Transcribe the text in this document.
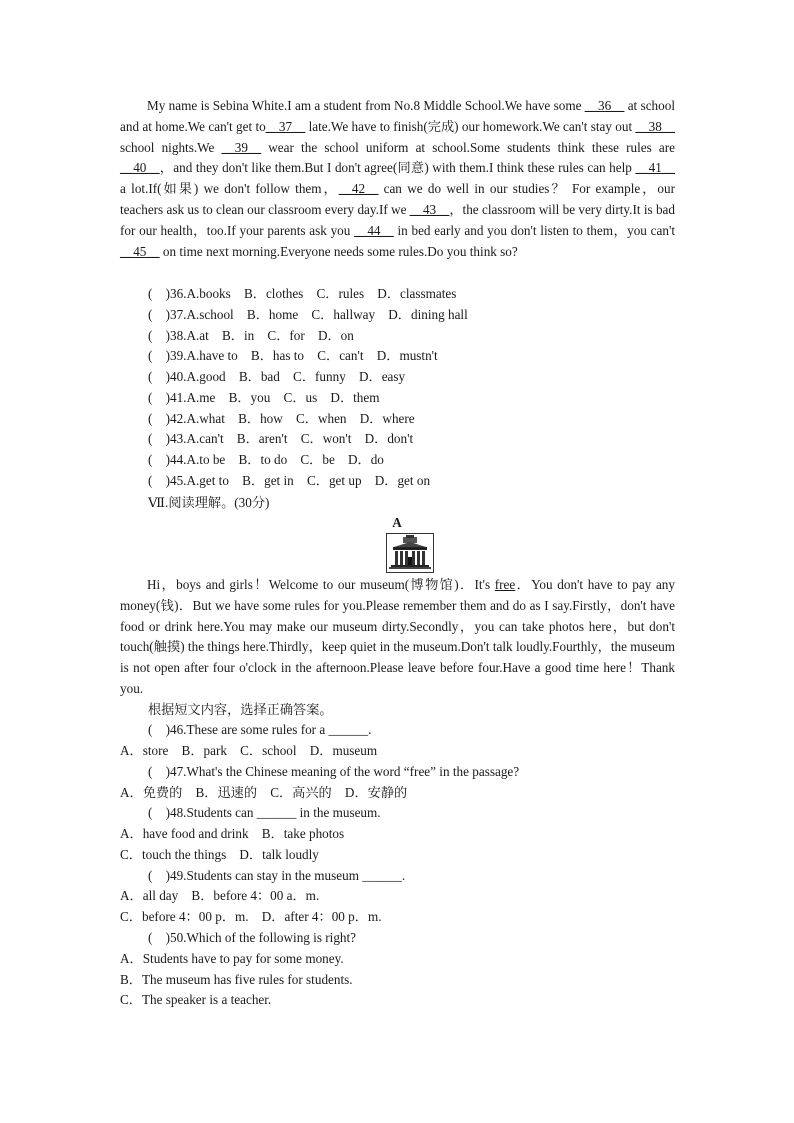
My name is Sebina White.I am a student from No.8 Middle School.We have some __36__ at school and at home.We can't get to__37__ late.We have to finish(完成) our homework.We can't stay out __38__ school nights.We __39__ wear the school uniform at school.Some students think these rules are __40__，and they don't like them.But I don't agree(同意) with them.I think these rules can help __41__ a lot.If(如果) we don't follow them，__42__ can we do well in our studies？ For example，our teachers ask us to clean our classroom every day.If we __43__，the classroom will be very dirty.It is bad for our health，too.If your parents ask you __44__ in bed early and you don't listen to them，you can't __45__ on time next morning.Everyone needs some rules.Do you think so?

(　)36.A.books　B．clothes　C．rules　D．classmates
(　)37.A.school　B．home　C．hallway　D．dining hall
(　)38.A.at　B．in　C．for　D．on
(　)39.A.have to　B．has to　C．can't　D．mustn't
(　)40.A.good　B．bad　C．funny　D．easy
(　)41.A.me　B．you　C．us　D．them
(　)42.A.what　B．how　C．when　D．where
(　)43.A.can't　B．aren't　C．won't　D．don't
(　)44.A.to be　B．to do　C．be　D．do
(　)45.A.get to　B．get in　C．get up　D．get on
Ⅶ.阅读理解。(30分)
A

Hi，boys and girls！Welcome to our museum(博物馆)．It's free．You don't have to pay any money(钱)．But we have some rules for you.Please remember them and do as I say.Firstly，don't have food or drink here.You may make our museum dirty.Secondly，you can take photos here，but don't touch(触摸) the things here.Thirdly，keep quiet in the museum.Don't talk loudly.Fourthly，the museum is not open after four o'clock in the afternoon.Please leave before four.Have a good time here！Thank you.

根据短文内容，选择正确答案。
(　)46.These are some rules for a ______.
A．store　B．park　C．school　D．museum
(　)47.What's the Chinese meaning of the word “free” in the passage?
A．免费的　B．迅速的　C．高兴的　D．安静的
(　)48.Students can ______ in the museum.
A．have food and drink　B．take photos
C．touch the things　D．talk loudly
(　)49.Students can stay in the museum ______.
A．all day　B．before 4：00 a．m.
C．before 4：00 p．m.　D．after 4：00 p．m.
(　)50.Which of the following is right?
A．Students have to pay for some money.
B．The museum has five rules for students.
C．The speaker is a teacher.
